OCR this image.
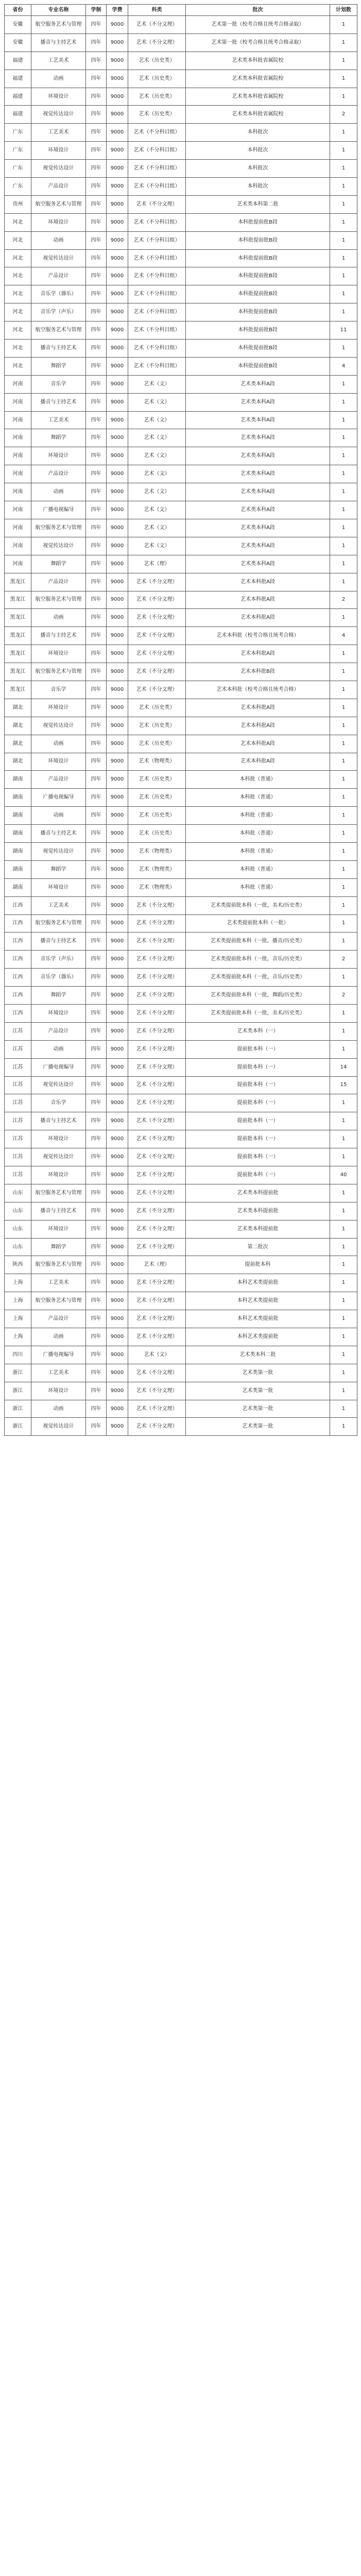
省份	专业名称	学制	学费	科类	批次	计划数
安徽	航空服务艺术与管理	四年	9000	艺术（不分文理）	艺术第一批（校考合格且统考合格录取）	1
安徽	播音与主持艺术	四年	9000	艺术（不分文理）	艺术第一批（校考合格且统考合格录取）	1
福建	工艺美术	四年	9000	艺术（历史类）	艺术类本科批省属院校	1
福建	动画	四年	9000	艺术（历史类）	艺术类本科批省属院校	1
福建	环境设计	四年	9000	艺术（历史类）	艺术类本科批省属院校	1
福建	视觉传达设计	四年	9000	艺术（历史类）	艺术类本科批省属院校	2
广东	工艺美术	四年	9000	艺术（不分科目组）	本科批次	1
广东	环境设计	四年	9000	艺术（不分科目组）	本科批次	1
广东	视觉传达设计	四年	9000	艺术（不分科目组）	本科批次	1
广东	产品设计	四年	9000	艺术（不分科目组）	本科批次	1
贵州	航空服务艺术与管理	四年	9000	艺术（不分文理）	艺术类本科第二批	1
河北	环境设计	四年	9000	艺术（不分科目组）	本科批提前批B段	1
河北	动画	四年	9000	艺术（不分科目组）	本科批提前批B段	1
河北	视觉传达设计	四年	9000	艺术（不分科目组）	本科批提前批B段	1
河北	产品设计	四年	9000	艺术（不分科目组）	本科批提前批B段	1
河北	音乐学（器乐）	四年	9000	艺术（不分科目组）	本科批提前批B段	1
河北	音乐学（声乐）	四年	9000	艺术（不分科目组）	本科批提前批B段	1
河北	航空服务艺术与管理	四年	9000	艺术（不分科目组）	本科批提前批B段	11
河北	播音与主持艺术	四年	9000	艺术（不分科目组）	本科批提前批B段	1
河北	舞蹈学	四年	9000	艺术（不分科目组）	本科批提前批B段	4
河南	音乐学	四年	9000	艺术（文）	艺术类本科A段	1
河南	播音与主持艺术	四年	9000	艺术（文）	艺术类本科A段	1
河南	工艺美术	四年	9000	艺术（文）	艺术类本科A段	1
河南	舞蹈学	四年	9000	艺术（文）	艺术类本科A段	1
河南	环境设计	四年	9000	艺术（文）	艺术类本科A段	1
河南	产品设计	四年	9000	艺术（文）	艺术类本科A段	1
河南	动画	四年	9000	艺术（文）	艺术类本科A段	1
河南	广播电视编导	四年	9000	艺术（文）	艺术类本科A段	1
河南	航空服务艺术与管理	四年	9000	艺术（文）	艺术类本科A段	1
河南	视觉传达设计	四年	9000	艺术（文）	艺术类本科A段	1
河南	舞蹈学	四年	9000	艺术（理）	艺术类本科A段	1
黑龙江	产品设计	四年	9000	艺术（不分文理）	艺术本科批A段	1
黑龙江	航空服务艺术与管理	四年	9000	艺术（不分文理）	艺术本科批A段	2
黑龙江	动画	四年	9000	艺术（不分文理）	艺术本科批A段	1
黑龙江	播音与主持艺术	四年	9000	艺术（不分文理）	艺术本科批（校考合格且统考合格）	4
黑龙江	环境设计	四年	9000	艺术（不分文理）	艺术本科批A段	1
黑龙江	航空服务艺术与管理	四年	9000	艺术（不分文理）	艺术本科批B段	1
黑龙江	音乐学	四年	9000	艺术（不分文理）	艺术本科批（校考合格且统考合格）	1
湖北	环境设计	四年	9000	艺术（历史类）	艺术本科批A段	1
湖北	视觉传达设计	四年	9000	艺术（历史类）	艺术本科批A段	1
湖北	动画	四年	9000	艺术（历史类）	艺术本科批A段	1
湖北	环境设计	四年	9000	艺术（物理类）	艺术本科批A段	1
湖南	产品设计	四年	9000	艺术（历史类）	本科批（普通）	1
湖南	广播电视编导	四年	9000	艺术（历史类）	本科批（普通）	1
湖南	动画	四年	9000	艺术（历史类）	本科批（普通）	1
湖南	播音与主持艺术	四年	9000	艺术（历史类）	本科批（普通）	1
湖南	视觉传达设计	四年	9000	艺术（物理类）	本科批（普通）	1
湖南	舞蹈学	四年	9000	艺术（物理类）	本科批（普通）	1
湖南	环境设计	四年	9000	艺术（物理类）	本科批（普通）	1
江西	工艺美术	四年	9000	艺术（不分文理）	艺术类提前批本科（一批，美术/历史类）	1
江西	航空服务艺术与管理	四年	9000	艺术（不分文理）	艺术类提前批本科（一批）	1
江西	播音与主持艺术	四年	9000	艺术（不分文理）	艺术类提前批本科（一批，播音/历史类）	1
江西	音乐学（声乐）	四年	9000	艺术（不分文理）	艺术类提前批本科（一批，音乐/历史类）	2
江西	音乐学（器乐）	四年	9000	艺术（不分文理）	艺术类提前批本科（一批，音乐/历史类）	1
江西	舞蹈学	四年	9000	艺术（不分文理）	艺术类提前批本科（一批，舞蹈/历史类）	2
江西	环境设计	四年	9000	艺术（不分文理）	艺术类提前批本科（一批，美术/历史类）	1
江苏	产品设计	四年	9000	艺术（不分文理）	艺术类本科（一）	1
江苏	动画	四年	9000	艺术（不分文理）	提前批本科（一）	1
江苏	广播电视编导	四年	9000	艺术（不分文理）	提前批本科（一）	14
江苏	视觉传达设计	四年	9000	艺术（不分文理）	提前批本科（一）	15
江苏	音乐学	四年	9000	艺术（不分文理）	提前批本科（一）	1
江苏	播音与主持艺术	四年	9000	艺术（不分文理）	提前批本科（一）	1
江苏	环境设计	四年	9000	艺术（不分文理）	提前批本科（一）	1
江苏	视觉传达设计	四年	9000	艺术（不分文理）	提前批本科（一）	1
江苏	环境设计	四年	9000	艺术（不分文理）	提前批本科（一）	40
山东	航空服务艺术与管理	四年	9000	艺术（不分文理）	艺术类本科提前批	1
山东	播音与主持艺术	四年	9000	艺术（不分文理）	艺术类本科提前批	1
山东	环境设计	四年	9000	艺术（不分文理）	艺术类本科提前批	1
山东	舞蹈学	四年	9000	艺术（不分文理）	第二批次	1
陕西	航空服务艺术与管理	四年	9000	艺术（理）	提前批本科	1
上海	工艺美术	四年	9000	艺术（不分文理）	本科艺术类提前批	1
上海	航空服务艺术与管理	四年	9000	艺术（不分文理）	本科艺术类提前批	1
上海	产品设计	四年	9000	艺术（不分文理）	本科艺术类提前批	1
上海	动画	四年	9000	艺术（不分文理）	本科艺术类提前批	1
四川	广播电视编导	四年	9000	艺术（文）	艺术类本科二批	1
浙江	工艺美术	四年	9000	艺术（不分文理）	艺术类第一批	1
浙江	环境设计	四年	9000	艺术（不分文理）	艺术类第一批	1
浙江	动画	四年	9000	艺术（不分文理）	艺术类第一批	1
浙江	视觉传达设计	四年	9000	艺术（不分文理）	艺术类第一批	1
